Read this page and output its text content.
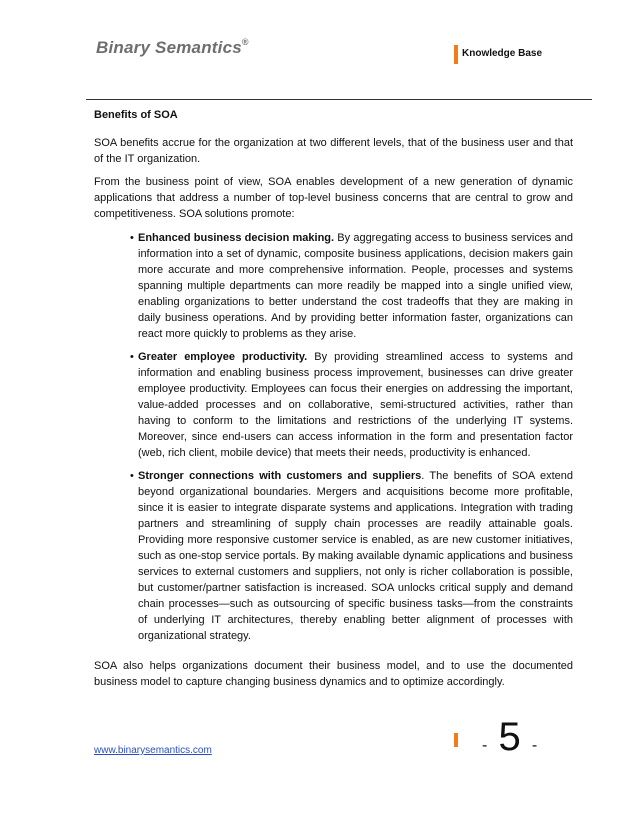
Binary Semantics®
Knowledge Base

Benefits of SOA

SOA benefits accrue for the organization at two different levels, that of the business user and that of the IT organization.

From the business point of view, SOA enables development of a new generation of dynamic applications that address a number of top-level business concerns that are central to grow and competitiveness. SOA solutions promote:

• Enhanced business decision making. By aggregating access to business services and information into a set of dynamic, composite business applications, decision makers gain more accurate and more comprehensive information. People, processes and systems spanning multiple departments can more readily be mapped into a single unified view, enabling organizations to better understand the cost tradeoffs that they are making in daily business operations. And by providing better information faster, organizations can react more quickly to problems as they arise.
• Greater employee productivity. By providing streamlined access to systems and information and enabling business process improvement, businesses can drive greater employee productivity. Employees can focus their energies on addressing the important, value-added processes and on collaborative, semi-structured activities, rather than having to conform to the limitations and restrictions of the underlying IT systems. Moreover, since end-users can access information in the form and presentation factor (web, rich client, mobile device) that meets their needs, productivity is enhanced.
• Stronger connections with customers and suppliers. The benefits of SOA extend beyond organizational boundaries. Mergers and acquisitions become more profitable, since it is easier to integrate disparate systems and applications. Integration with trading partners and streamlining of supply chain processes are readily attainable goals. Providing more responsive customer service is enabled, as are new customer initiatives, such as one-stop service portals. By making available dynamic applications and business services to external customers and suppliers, not only is richer collaboration is possible, but customer/partner satisfaction is increased. SOA unlocks critical supply and demand chain processes—such as outsourcing of specific business tasks—from the constraints of underlying IT architectures, thereby enabling better alignment of processes with organizational strategy.

SOA also helps organizations document their business model, and to use the documented business model to capture changing business dynamics and to optimize accordingly.

www.binarysemantics.com	- 5 -
